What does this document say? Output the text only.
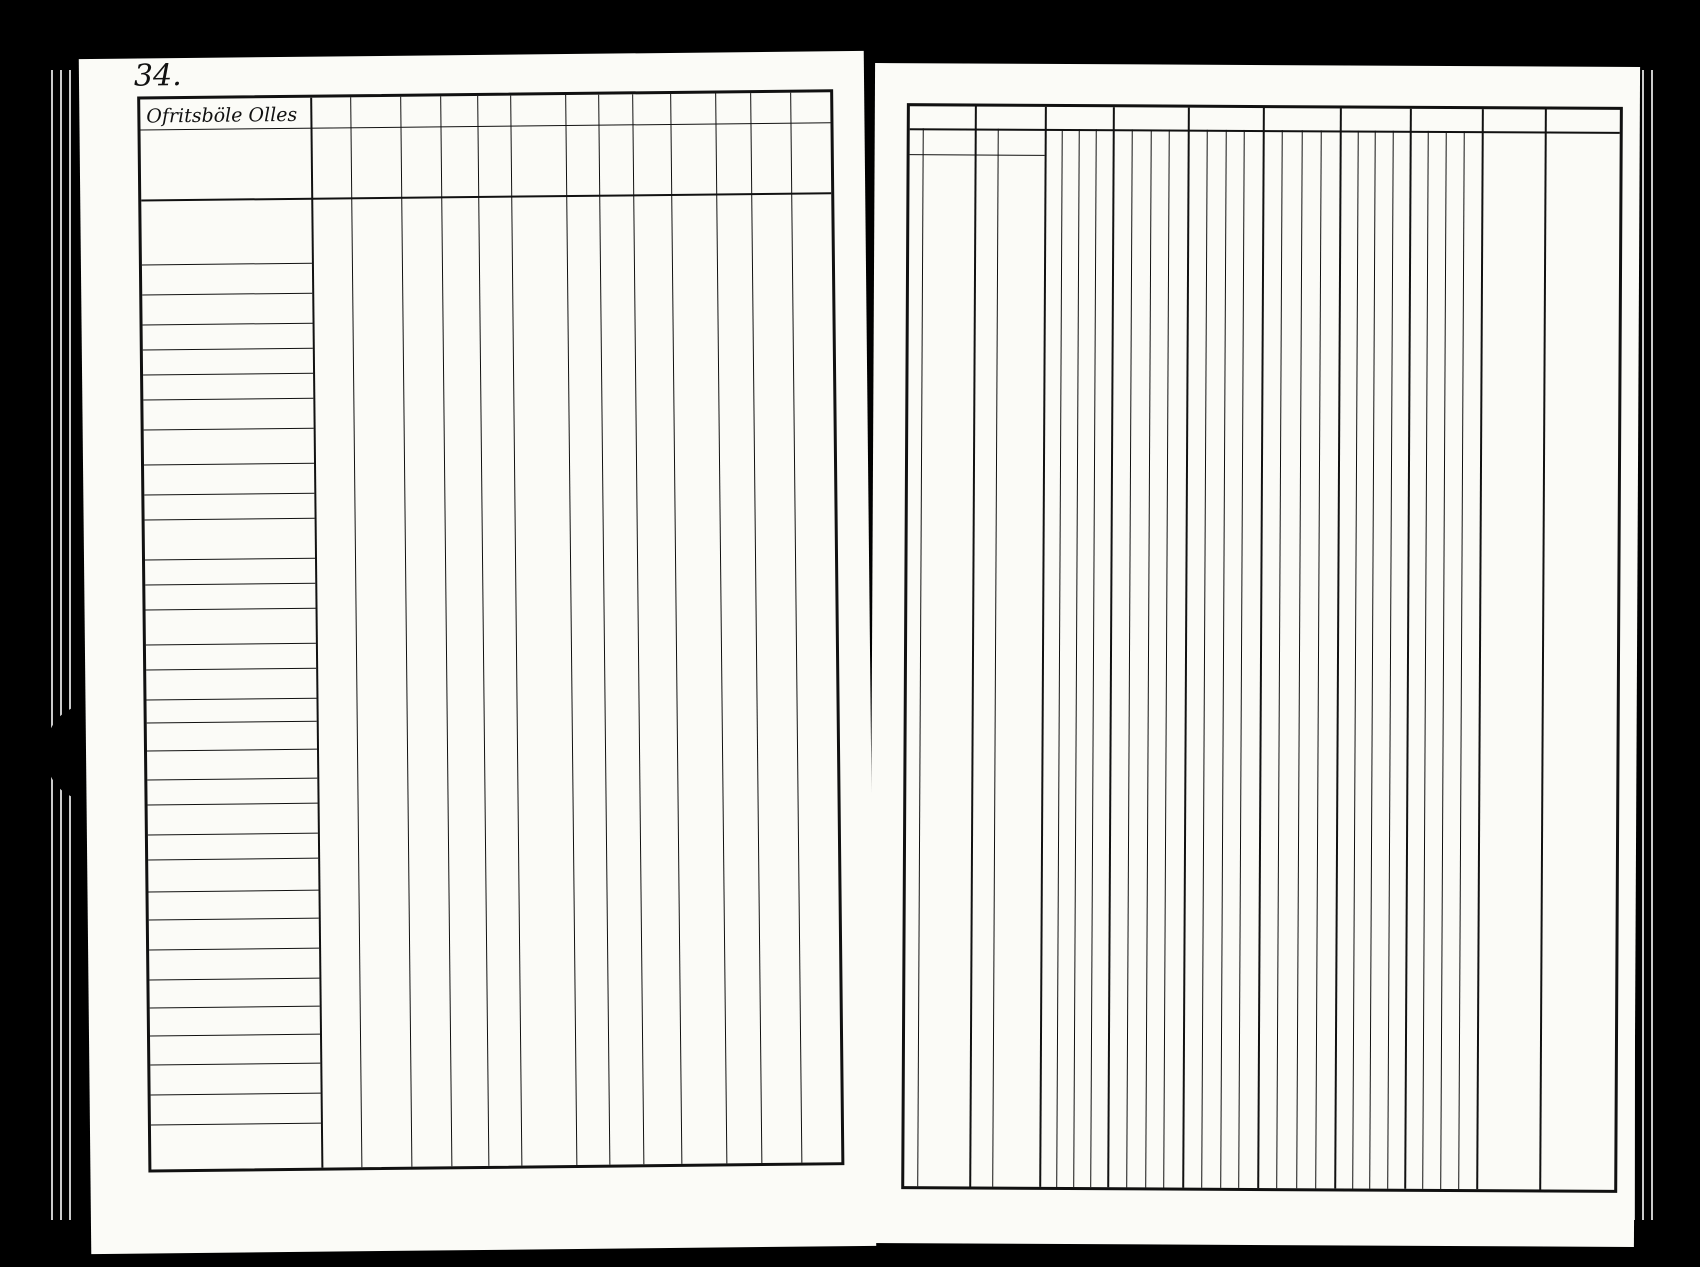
34.
Ofritsböle Olles
